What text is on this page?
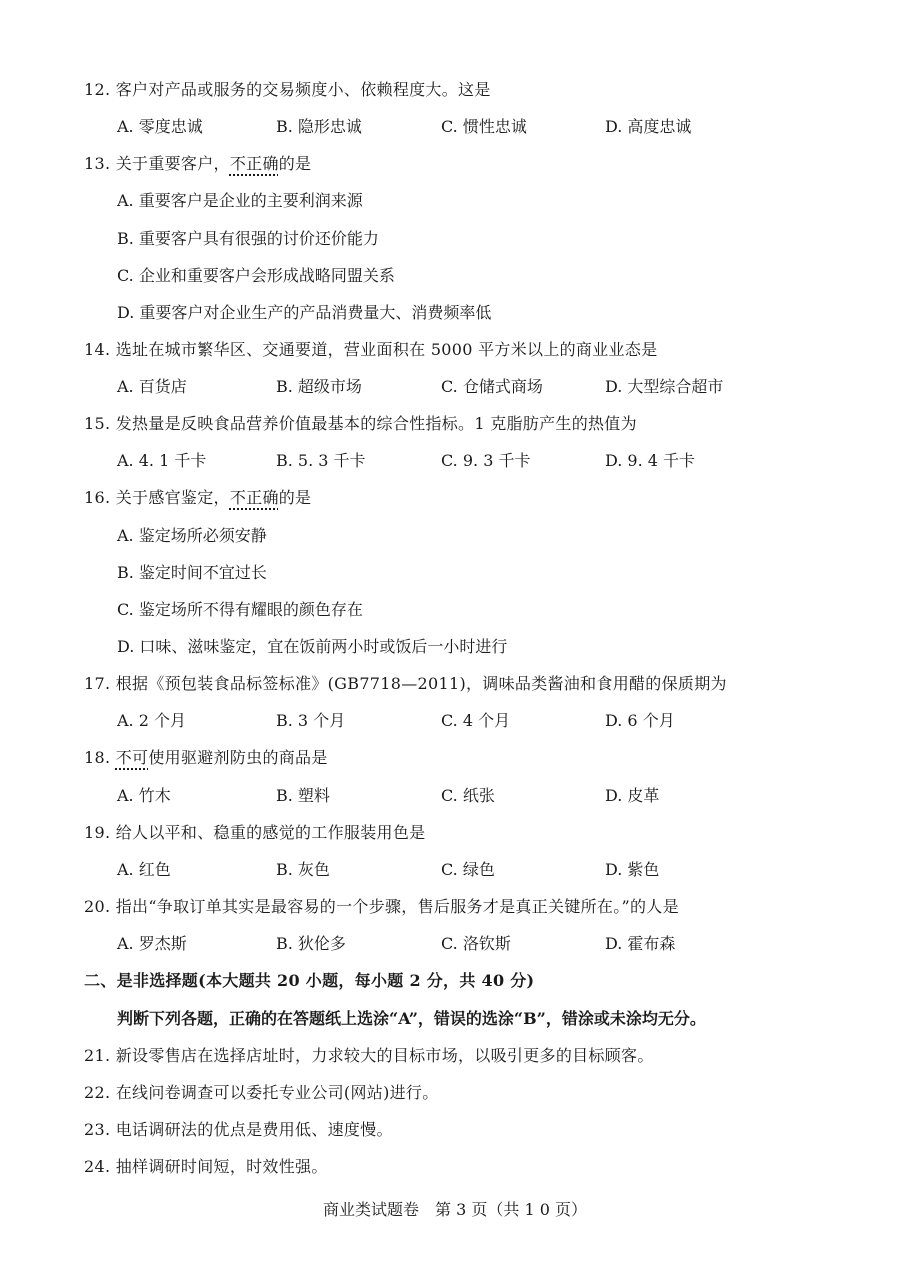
12. 客户对产品或服务的交易频度小、依赖程度大。这是
A. 零度忠诚	B. 隐形忠诚	C. 惯性忠诚	D. 高度忠诚
13. 关于重要客户，不正确的是
A. 重要客户是企业的主要利润来源
B. 重要客户具有很强的讨价还价能力
C. 企业和重要客户会形成战略同盟关系
D. 重要客户对企业生产的产品消费量大、消费频率低
14. 选址在城市繁华区、交通要道，营业面积在 5000 平方米以上的商业业态是
A. 百货店	B. 超级市场	C. 仓储式商场	D. 大型综合超市
15. 发热量是反映食品营养价值最基本的综合性指标。1 克脂肪产生的热值为
A. 4. 1 千卡	B. 5. 3 千卡	C. 9. 3 千卡	D. 9. 4 千卡
16. 关于感官鉴定，不正确的是
A. 鉴定场所必须安静
B. 鉴定时间不宜过长
C. 鉴定场所不得有耀眼的颜色存在
D. 口味、滋味鉴定，宜在饭前两小时或饭后一小时进行
17. 根据《预包装食品标签标准》(GB7718—2011)，调味品类酱油和食用醋的保质期为
A. 2 个月	B. 3 个月	C. 4 个月	D. 6 个月
18. 不可使用驱避剂防虫的商品是
A. 竹木	B. 塑料	C. 纸张	D. 皮革
19. 给人以平和、稳重的感觉的工作服装用色是
A. 红色	B. 灰色	C. 绿色	D. 紫色
20. 指出“争取订单其实是最容易的一个步骤，售后服务才是真正关键所在。”的人是
A. 罗杰斯	B. 狄伦多	C. 洛钦斯	D. 霍布森
二、是非选择题(本大题共 20 小题，每小题 2 分，共 40 分)
判断下列各题，正确的在答题纸上选涂“A”，错误的选涂“B”，错涂或未涂均无分。
21. 新设零售店在选择店址时，力求较大的目标市场，以吸引更多的目标顾客。
22. 在线问卷调查可以委托专业公司(网站)进行。
23. 电话调研法的优点是费用低、速度慢。
24. 抽样调研时间短，时效性强。
商业类试题卷　第 3 页（共 1 0 页）
